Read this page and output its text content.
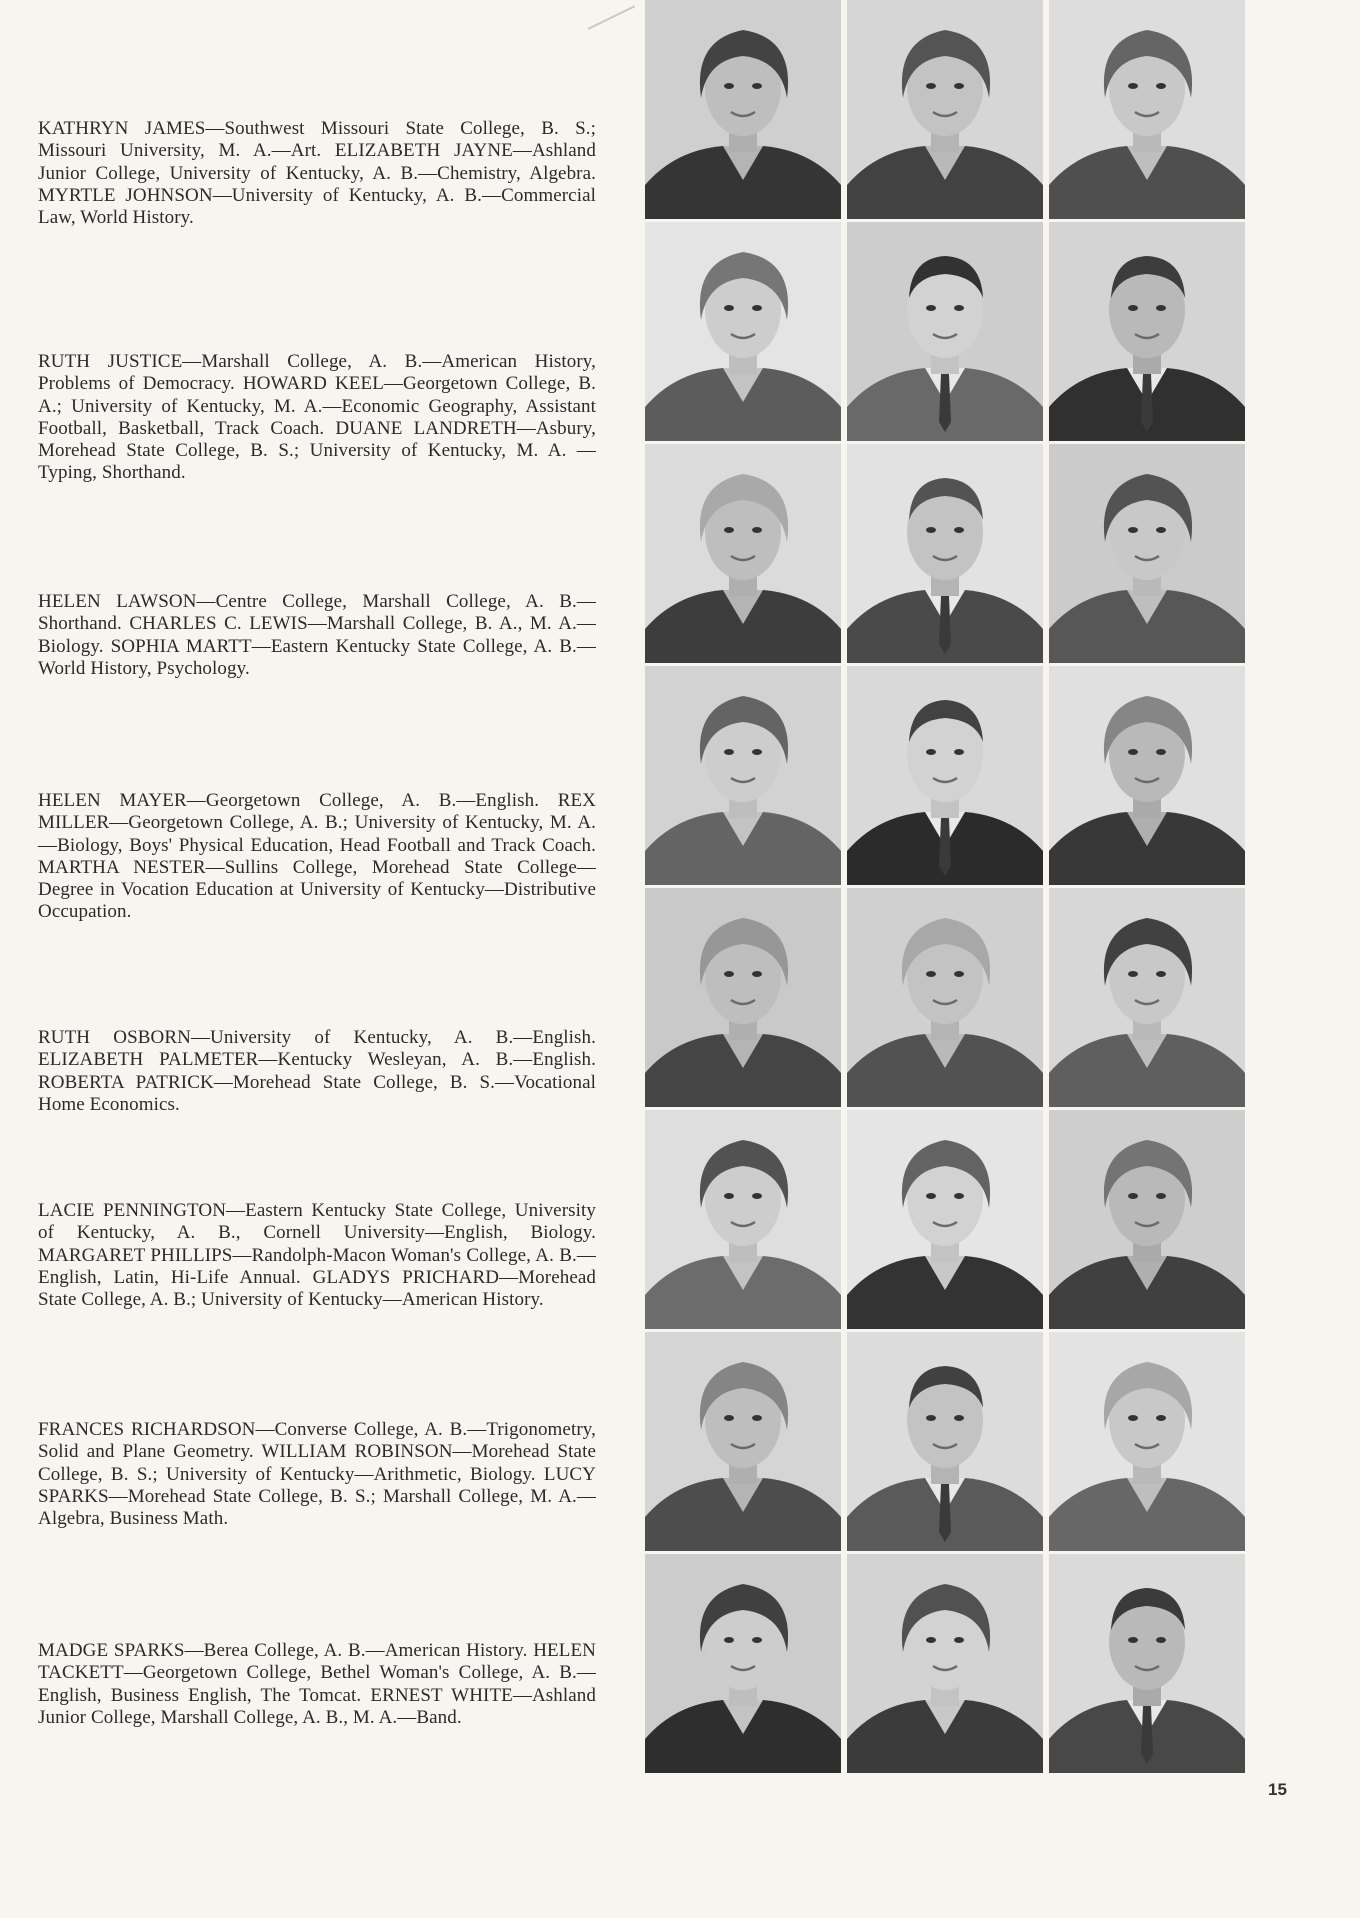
KATHRYN JAMES—Southwest Missouri State College, B. S.; Missouri University, M. A.—Art. ELIZABETH JAYNE—Ashland Junior College, University of Kentucky, A. B.—Chemistry, Algebra. MYRTLE JOHNSON—University of Kentucky, A. B.—Commercial Law, World History.

RUTH JUSTICE—Marshall College, A. B.—American History, Problems of Democracy. HOWARD KEEL—Georgetown College, B. A.; University of Kentucky, M. A.—Economic Geography, Assistant Football, Basketball, Track Coach. DUANE LANDRETH—Asbury, Morehead State College, B. S.; University of Kentucky, M. A. —Typing, Shorthand.

HELEN LAWSON—Centre College, Marshall College, A. B.—Shorthand. CHARLES C. LEWIS—Marshall College, B. A., M. A.—Biology. SOPHIA MARTT—Eastern Kentucky State College, A. B.— World History, Psychology.

HELEN MAYER—Georgetown College, A. B.—English. REX MILLER—Georgetown College, A. B.; University of Kentucky, M. A.—Biology, Boys' Physical Education, Head Football and Track Coach. MARTHA NESTER—Sullins College, Morehead State College—Degree in Vocation Education at University of Kentucky—Distributive Occupation.

RUTH OSBORN—University of Kentucky, A. B.—English. ELIZABETH PALMETER—Kentucky Wesleyan, A. B.—English. ROBERTA PATRICK—Morehead State College, B. S.—Vocational Home Economics.

LACIE PENNINGTON—Eastern Kentucky State College, University of Kentucky, A. B., Cornell University—English, Biology. MARGARET PHILLIPS—Randolph-Macon Woman's College, A. B.—English, Latin, Hi-Life Annual. GLADYS PRICHARD—Morehead State College, A. B.; University of Kentucky—American History.

FRANCES RICHARDSON—Converse College, A. B.—Trigonometry, Solid and Plane Geometry. WILLIAM ROBINSON—Morehead State College, B. S.; University of Kentucky—Arithmetic, Biology. LUCY SPARKS—Morehead State College, B. S.; Marshall College, M. A.—Algebra, Business Math.

MADGE SPARKS—Berea College, A. B.—American History. HELEN TACKETT—Georgetown College, Bethel Woman's College, A. B.—English, Business English, The Tomcat. ERNEST WHITE—Ashland Junior College, Marshall College, A. B., M. A.—Band.

15
